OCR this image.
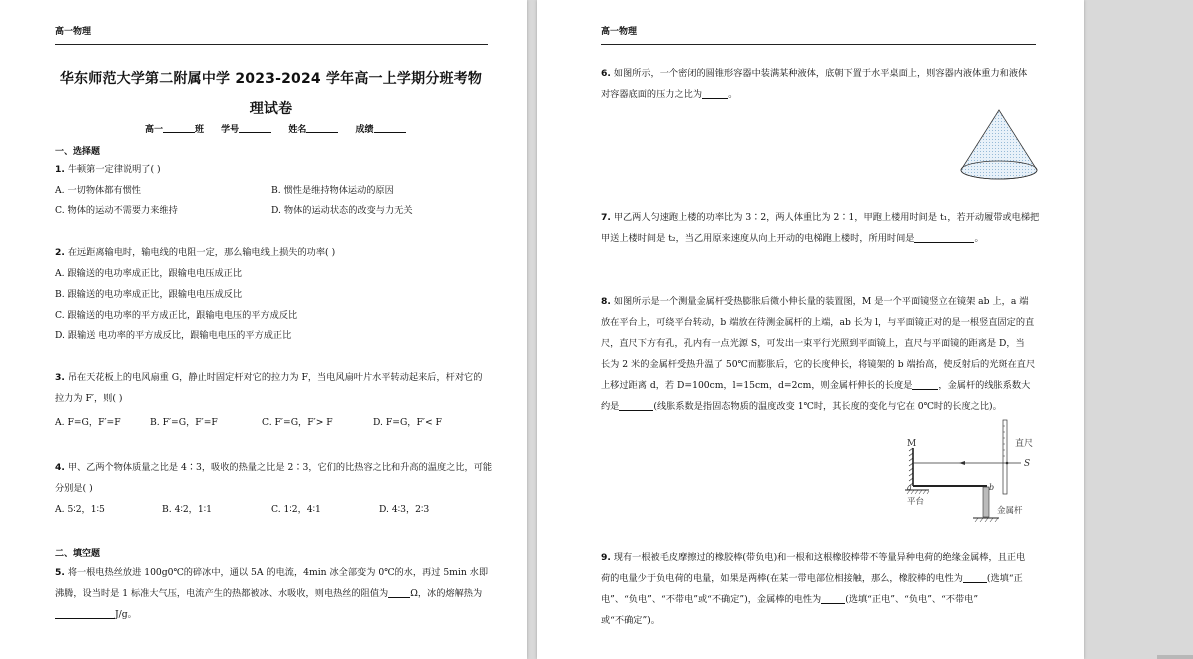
高一物理
华东师范大学第二附属中学 2023-2024 学年高一上学期分班考物
理试卷
高一	班 学号	姓名	成绩
一、选择题
1. 牛顿第一定律说明了( )
A. 一切物体都有惯性	B. 惯性是维持物体运动的原因
C. 物体的运动不需要力来维持	D. 物体的运动状态的改变与力无关
2. 在远距离输电时，输电线的电阻一定，那么输电线上损失的功率( )
A. 跟输送的电功率成正比，跟输电电压成正比
B. 跟输送的电功率成正比，跟输电电压成反比
C. 跟输送的电功率的平方成正比，跟输电电压的平方成反比
D. 跟输送 电功率的平方成反比，跟输电电压的平方成正比
3. 吊在天花板上的电风扇重 G，静止时固定杆对它的拉力为 F，当电风扇叶片水平转动起来后，杆对它的
拉力为 F′，则( )
A. F=G，F′=F	B. F′=G，F′=F	C. F′=G，F′> F	D. F=G，F′< F
4. 甲、乙两个物体质量之比是 4∶3，吸收的热量之比是 2∶3，它们的比热容之比和升高的温度之比，可能
分别是( )
A. 5∶2，1∶5	B. 4∶2，1∶1	C. 1∶2，4∶1	D. 4∶3，2∶3
二、填空题
5. 将一根电热丝放进 100g0℃的碎冰中，通以 5A 的电流，4min 冰全部变为 0℃的水，再过 5min 水即
沸腾，设当时是 1 标准大气压，电流产生的热都被冰、水吸收，则电热丝的阻值为 Ω，冰的熔解热为
J/g。
高一物理
6. 如图所示，一个密闭的圆锥形容器中装满某种液体，底朝下置于水平桌面上，则容器内液体重力和液体
对容器底面的压力之比为	。
7. 甲乙两人匀速跑上楼的功率比为 3∶2，两人体重比为 2∶1，甲跑上楼用时间是 t₁，若开动履带或电梯把
甲送上楼时间是 t₂，当乙用原来速度从向上开动的电梯跑上楼时，所用时间是	。
8. 如图所示是一个测量金属杆受热膨胀后微小伸长量的装置图，M 是一个平面镜竖立在镜架 ab 上，a 端
放在平台上，可绕平台转动，b 端放在待测金属杆的上端，ab 长为 l，与平面镜正对的是一根竖直固定的直
尺，直尺下方有孔，孔内有一点光源 S，可发出一束平行光照到平面镜上，直尺与平面镜的距离是 D，当
长为 2 米的金属杆受热升温了 50℃而膨胀后，它的长度伸长，将镜架的 b 端抬高，使反射后的光斑在直尺
上移过距离 d，若 D=100cm，l=15cm，d=2cm，则金属杆伸长的长度是	，金属杆的线胀系数大
约是	(线胀系数是指固态物质的温度改变 1℃时，其长度的变化与它在 0℃时的长度之比)。
M	直尺
S
a	b
平台
金属杆
9. 现有一根被毛皮摩擦过的橡胶棒(带负电)和一根和这根橡胶棒带不等量异种电荷的绝缘金属棒，且正电
荷的电量少于负电荷的电量，如果是两棒(在某一带电部位相接触，那么，橡胶棒的电性为	(选填“正
电”、“负电”、“不带电”或“不确定”)，金属棒的电性为	(选填“正电”、“负电”、“不带电”
或“不确定”)。
